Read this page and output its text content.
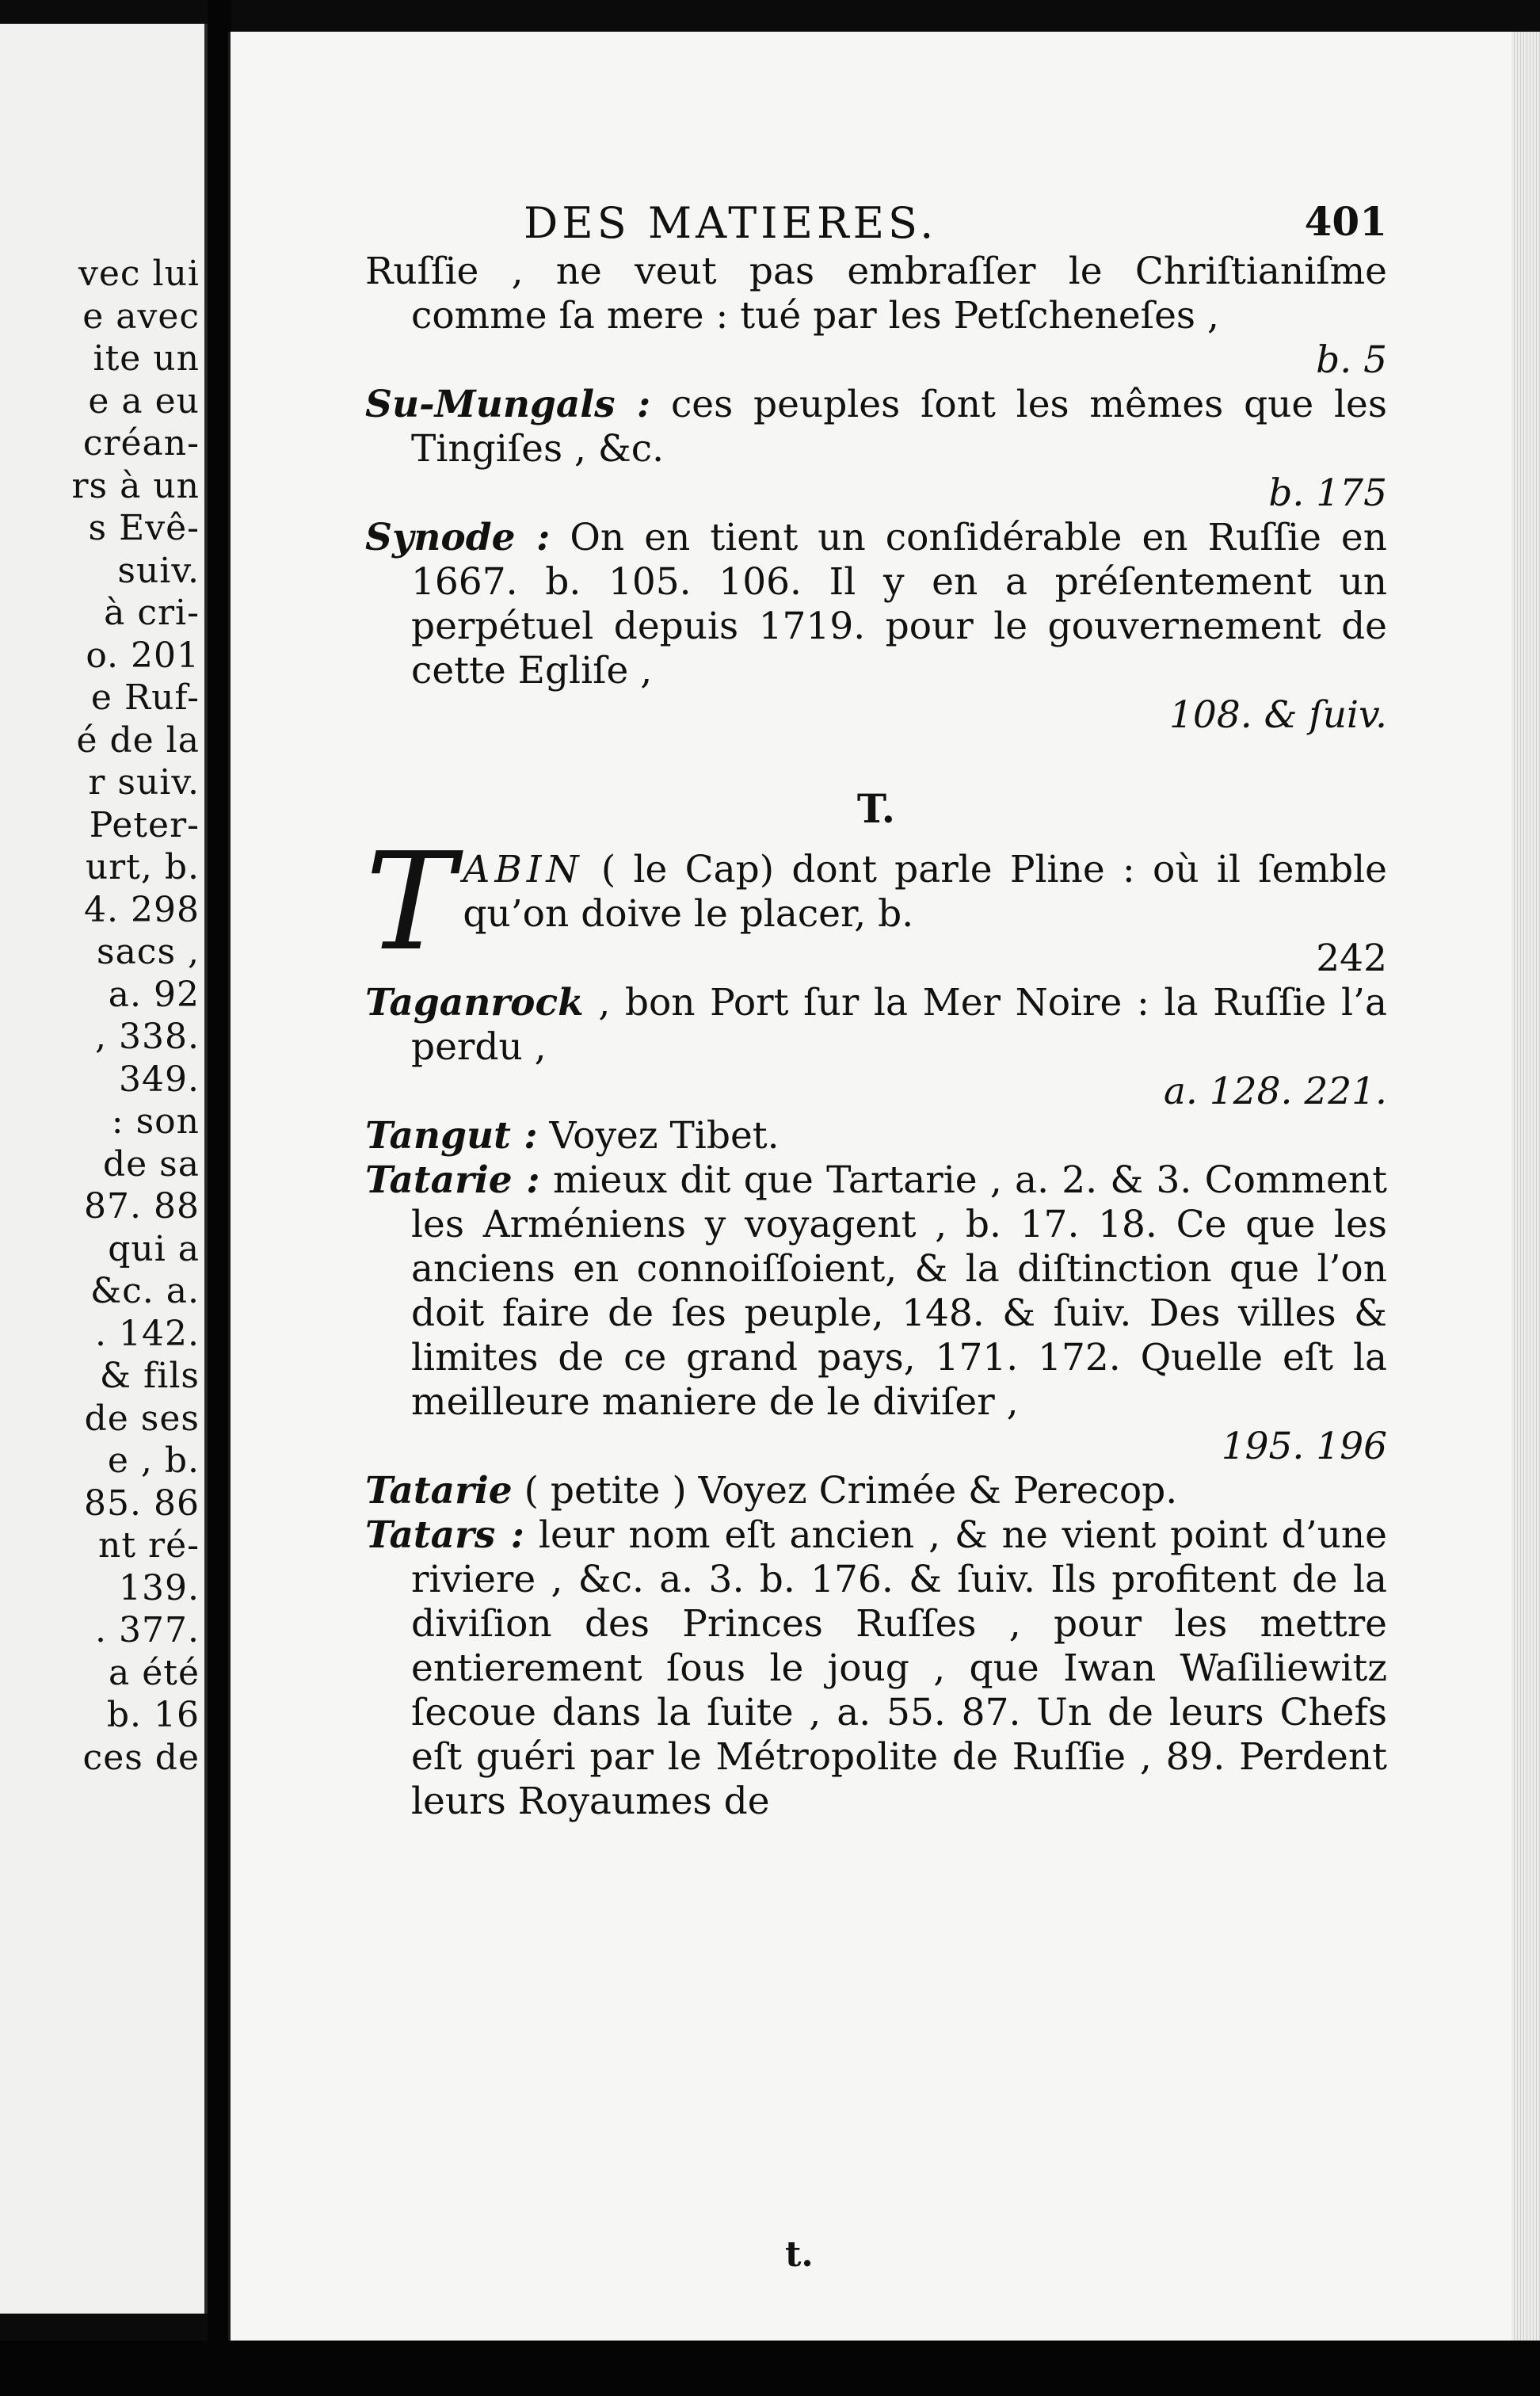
vec lui
e avec
ite un
e a eu
créan-
rs à un
s Evê-
suiv.
à cri-
o. 201
e Ruf-
é de la
r suiv.
Peter-
urt, b.
4. 298
sacs ,
a. 92
, 338.
349.
: son
de sa
87. 88
qui a
&c. a.
. 142.
& fils
de ses
e , b.
85. 86
nt ré-
139.
. 377.
a été
b. 16
ces de
DES MATIERES.	401

Ruſſie , ne veut pas embraſſer le Chriſtianiſme comme ſa mere : tué par les Petſcheneſes ,
b. 5

Su-Mungals : ces peuples ſont les mêmes que les Tingiſes , &c.
b. 175

Synode : On en tient un conſidérable en Ruſſie en 1667. b. 105. 106. Il y en a préſentement un perpétuel depuis 1719. pour le gouvernement de cette Egliſe ,
108. & ſuiv.

T.

T ABIN ( le Cap) dont parle Pline : où il ſemble qu’on doive le placer, b.
242

Taganrock , bon Port ſur la Mer Noire : la Ruſſie l’a perdu ,
a. 128. 221.

Tangut : Voyez Tibet.

Tatarie : mieux dit que Tartarie , a. 2. & 3. Comment les Arméniens y voyagent , b. 17. 18. Ce que les anciens en connoiſſoient, & la diſtinction que l’on doit faire de ſes peuple, 148. & ſuiv. Des villes & limites de ce grand pays, 171. 172. Quelle eſt la meilleure maniere de le diviſer ,
195. 196

Tatarie ( petite ) Voyez Crimée & Perecop.

Tatars : leur nom eſt ancien , & ne vient point d’une riviere , &c. a. 3. b. 176. & ſuiv. Ils profitent de la diviſion des Princes Ruſſes , pour les mettre entierement ſous le joug , que Iwan Waſiliewitz ſecoue dans la ſuite , a. 55. 87. Un de leurs Chefs eſt guéri par le Métropolite de Ruſſie , 89. Perdent leurs Royaumes de

t.
